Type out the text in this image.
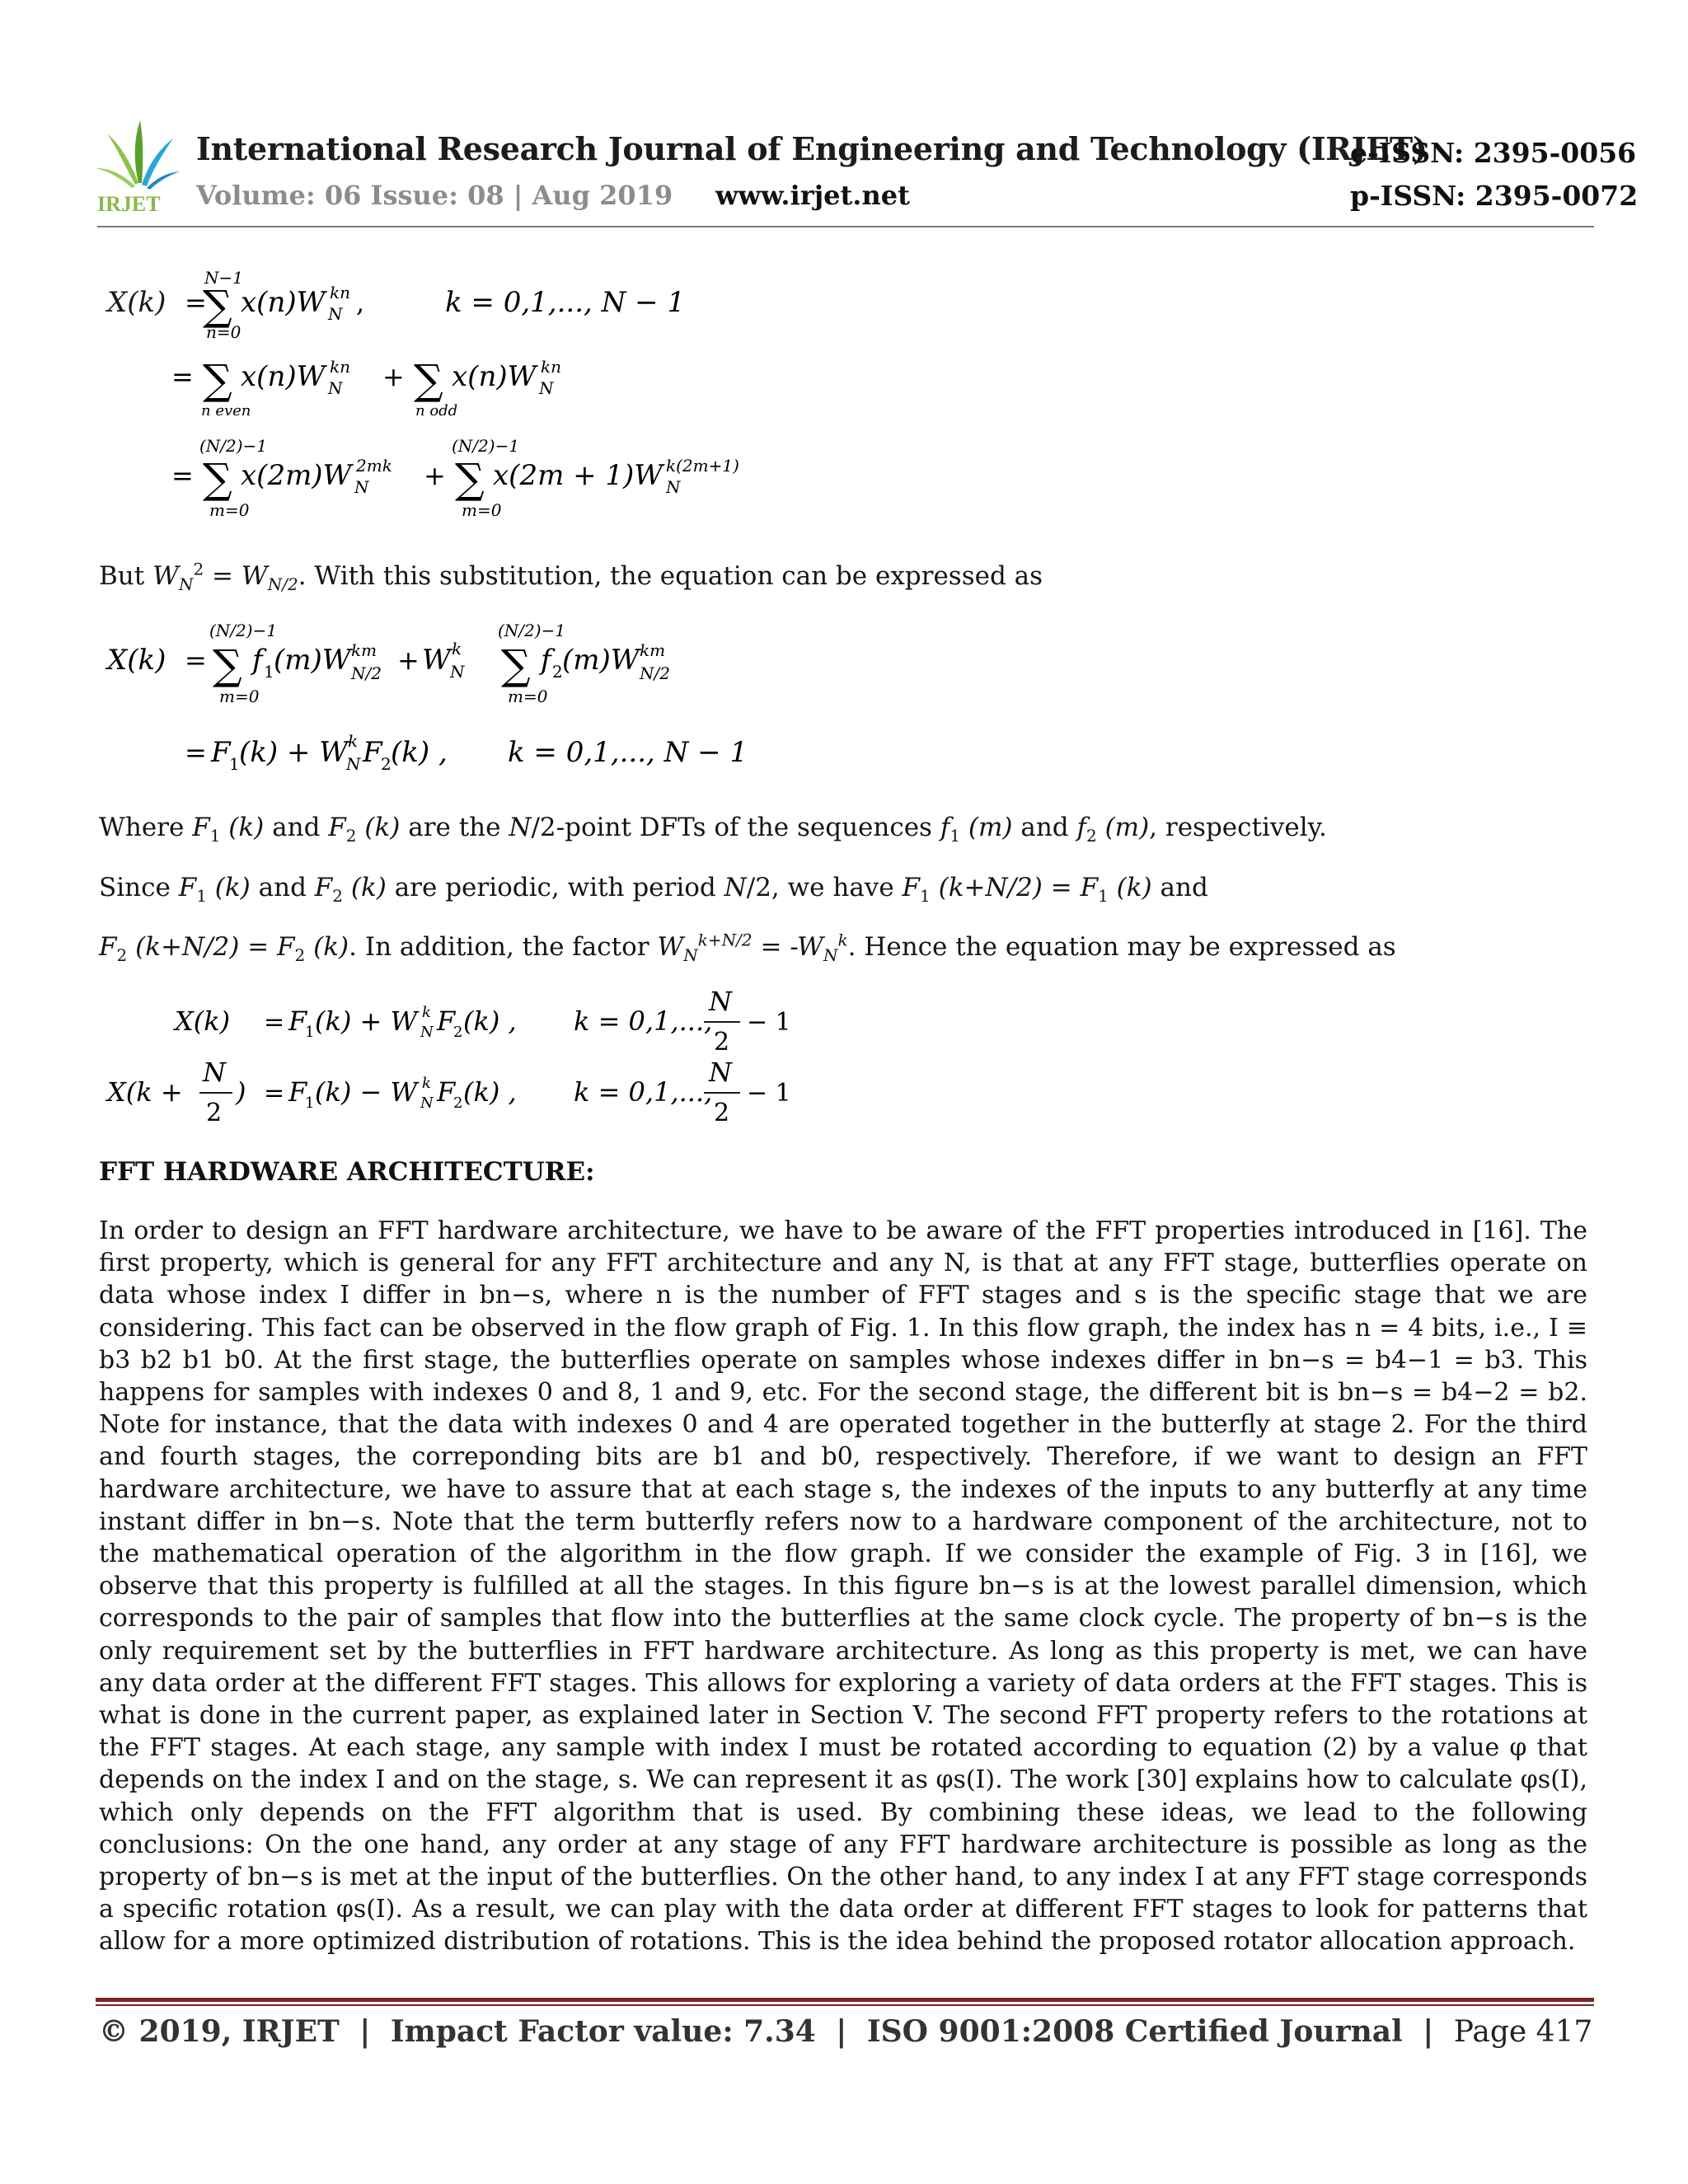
IRJET
International Research Journal of Engineering and Technology (IRJET)
e-ISSN: 2395-0056
Volume: 06 Issue: 08 | Aug 2019 www.irjet.net	p-ISSN: 2395-0072
X(k) =
N−1
∑
n=0
x(n)W N
kn ,	k = 0,1,..., N − 1
= ∑
n even
x(n)W N
kn + ∑
n odd
x(n)W N
kn
=
(N/2)−1
∑
m=0
x(2m)W N
2mk +
(N/2)−1
∑
m=0
x(2m + 1)W N
k(2m+1)
But $W_N^2 = W_{N/2}$. With this substitution, the equation can be expressed as
X(k) =
(N/2)−1
∑
m=0
f 1 (m)W N/2
km + W N
k
(N/2)−1
∑
m=0
f 2 (m)W N/2
km
= F
1 (k) + W
N
k F
2 (k) , k = 0,1,..., N − 1
Where $F_1$ (k) and $F_2$ (k) are the N/2-point DFTs of the sequences $f_1$ (m) and $f_2$ (m), respectively.
Since $F_1$ (k) and $F_2$ (k) are periodic, with period N/2, we have $F_1$ $(k+N/2) = F_1$ (k) and
$F_2$ $(k+N/2) = F_2$ (k). In addition, the factor $W_N^{k+N/2} = -W_N^k$. Hence the equation may be expressed as
X(k) = F
1 (k) + W N
k F
2 (k) , k = 0,1,...,
N
2
− 1
X(k +
N
2
) = F
1 (k) − W N
k F
2 (k) , k = 0,1,...,
N
2
− 1
FFT HARDWARE ARCHITECTURE:
In order to design an FFT hardware architecture, we have to be aware of the FFT properties introduced in [16]. The first property, which is general for any FFT architecture and any N, is that at any FFT stage, butterflies operate on data whose index I differ in bn−s, where n is the number of FFT stages and s is the specific stage that we are considering. This fact can be observed in the flow graph of Fig. 1. In this flow graph, the index has n = 4 bits, i.e., I ≡ b3 b2 b1 b0. At the first stage, the butterflies operate on samples whose indexes differ in bn−s = b4−1 = b3. This happens for samples with indexes 0 and 8, 1 and 9, etc. For the second stage, the different bit is bn−s = b4−2 = b2. Note for instance, that the data with indexes 0 and 4 are operated together in the butterfly at stage 2. For the third and fourth stages, the correponding bits are b1 and b0, respectively. Therefore, if we want to design an FFT hardware architecture, we have to assure that at each stage s, the indexes of the inputs to any butterfly at any time instant differ in bn−s. Note that the term butterfly refers now to a hardware component of the architecture, not to the mathematical operation of the algorithm in the flow graph. If we consider the example of Fig. 3 in [16], we observe that this property is fulfilled at all the stages. In this figure bn−s is at the lowest parallel dimension, which corresponds to the pair of samples that flow into the butterflies at the same clock cycle. The property of bn−s is the only requirement set by the butterflies in FFT hardware architecture. As long as this property is met, we can have any data order at the different FFT stages. This allows for exploring a variety of data orders at the FFT stages. This is what is done in the current paper, as explained later in Section V. The second FFT property refers to the rotations at the FFT stages. At each stage, any sample with index I must be rotated according to equation (2) by a value φ that depends on the index I and on the stage, s. We can represent it as φs(I). The work [30] explains how to calculate φs(I), which only depends on the FFT algorithm that is used. By combining these ideas, we lead to the following conclusions: On the one hand, any order at any stage of any FFT hardware architecture is possible as long as the property of bn−s is met at the input of the butterflies. On the other hand, to any index I at any FFT stage corresponds a specific rotation φs(I). As a result, we can play with the data order at different FFT stages to look for patterns that allow for a more optimized distribution of rotations. This is the idea behind the proposed rotator allocation approach.
© 2019, IRJET | Impact Factor value: 7.34 | ISO 9001:2008 Certified Journal | Page 417
